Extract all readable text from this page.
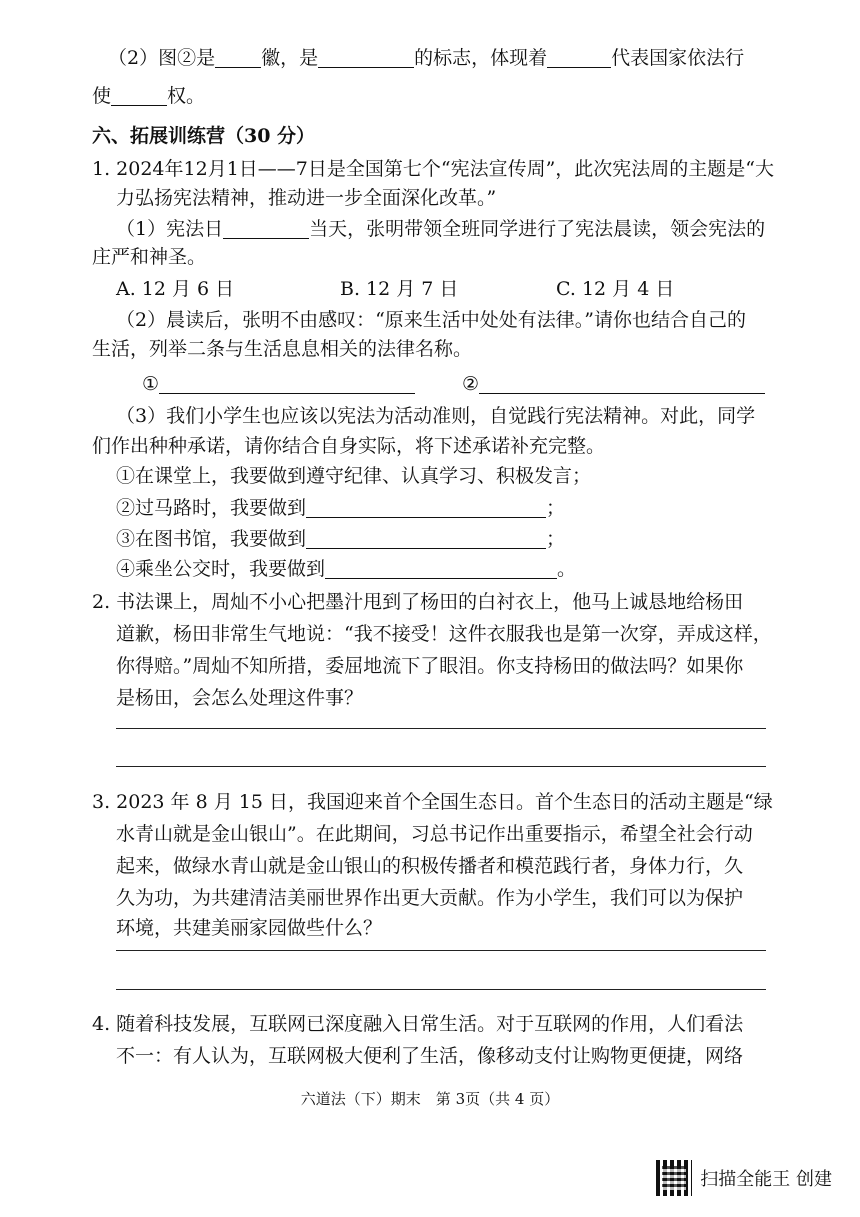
（2）图②是 徽，是	的标志，体现着	代表国家依法行
使	权。
六、拓展训练营（30 分）
1. 2024年12月1日——7日是全国第七个“宪法宣传周”，此次宪法周的主题是“大
力弘扬宪法精神，推动进一步全面深化改革。”
（1）宪法日	当天，张明带领全班同学进行了宪法晨读，领会宪法的
庄严和神圣。
A. 12 月 6 日	B. 12 月 7 日	C. 12 月 4 日
（2）晨读后，张明不由感叹：“原来生活中处处有法律。”请你也结合自己的
生活，列举二条与生活息息相关的法律名称。
①	②
（3）我们小学生也应该以宪法为活动准则，自觉践行宪法精神。对此，同学
们作出种种承诺，请你结合自身实际，将下述承诺补充完整。
①在课堂上，我要做到遵守纪律、认真学习、积极发言；
②过马路时，我要做到	；
③在图书馆，我要做到	；
④乘坐公交时，我要做到	。
2. 书法课上，周灿不小心把墨汁甩到了杨田的白衬衣上，他马上诚恳地给杨田
道歉，杨田非常生气地说：“我不接受！这件衣服我也是第一次穿，弄成这样，
你得赔。”周灿不知所措，委屈地流下了眼泪。你支持杨田的做法吗？如果你
是杨田，会怎么处理这件事？
3. 2023 年 8 月 15 日，我国迎来首个全国生态日。首个生态日的活动主题是“绿
水青山就是金山银山”。在此期间，习总书记作出重要指示，希望全社会行动
起来，做绿水青山就是金山银山的积极传播者和模范践行者，身体力行，久
久为功，为共建清洁美丽世界作出更大贡献。作为小学生，我们可以为保护
环境，共建美丽家园做些什么？
4. 随着科技发展，互联网已深度融入日常生活。对于互联网的作用，人们看法
不一：有人认为，互联网极大便利了生活，像移动支付让购物更便捷，网络
六道法（下）期末　第 3页（共 4 页）
扫描全能王 创建
